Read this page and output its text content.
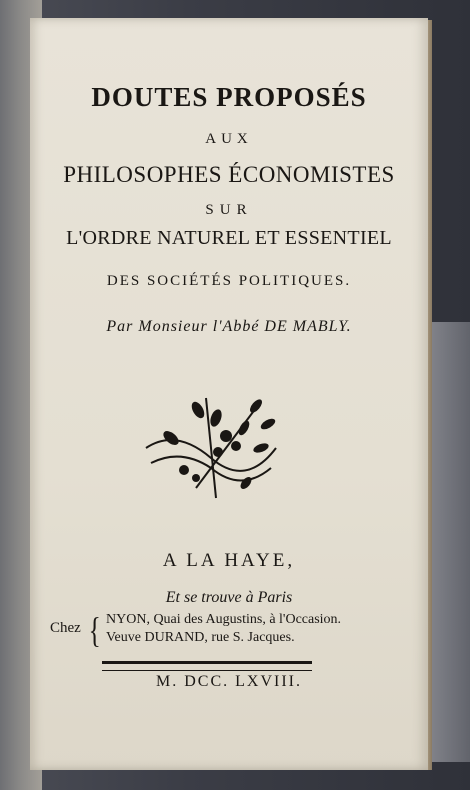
DOUTES PROPOSÉS
AUX
PHILOSOPHES ÉCONOMISTES
SUR
L'ORDRE NATUREL ET ESSENTIEL
DES SOCIÉTÉS POLITIQUES.
Par Monsieur l'Abbé DE MABLY.
A LA HAYE,
Et se trouve à Paris
Chez { NYON, Quai des Augustins, à l'Occasion.
Veuve DURAND, rue S. Jacques.
M. DCC. LXVIII.
